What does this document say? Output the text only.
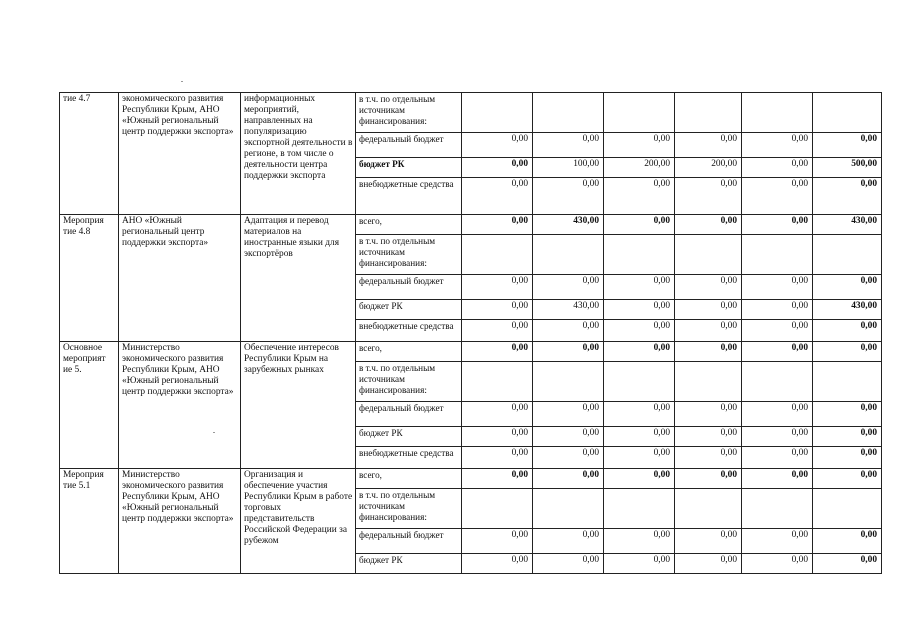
тие 4.7	экономического развития Республики Крым, АНО «Южный региональный центр поддержки экспорта»	информационных мероприятий, направленных на популяризацию экспортной деятельности в регионе, в том числе о деятельности центра поддержки экспорта	в т.ч. по отдельным источникам финансирования:						
			федеральный бюджет	0,00	0,00	0,00	0,00	0,00	0,00
			бюджет РК	0,00	100,00	200,00	200,00	0,00	500,00
			внебюджетные средства	0,00	0,00	0,00	0,00	0,00	0,00
Мероприя тие 4.8	АНО «Южный региональный центр поддержки экспорта»	Адаптация и перевод материалов на иностранные языки для экспортёров	всего,	0,00	430,00	0,00	0,00	0,00	430,00
			в т.ч. по отдельным источникам финансирования:						
			федеральный бюджет	0,00	0,00	0,00	0,00	0,00	0,00
			бюджет РК	0,00	430,00	0,00	0,00	0,00	430,00
			внебюджетные средства	0,00	0,00	0,00	0,00	0,00	0,00
Основное мероприят ие 5.	Министерство экономического развития Республики Крым, АНО «Южный региональный центр поддержки экспорта»	Обеспечение интересов Республики Крым на зарубежных рынках	всего,	0,00	0,00	0,00	0,00	0,00	0,00
			в т.ч. по отдельным источникам финансирования:						
			федеральный бюджет	0,00	0,00	0,00	0,00	0,00	0,00
			бюджет РК	0,00	0,00	0,00	0,00	0,00	0,00
			внебюджетные средства	0,00	0,00	0,00	0,00	0,00	0,00
Мероприя тие 5.1	Министерство экономического развития Республики Крым, АНО «Южный региональный центр поддержки экспорта»	Организация и обеспечение участия Республики Крым в работе торговых представительств Российской Федерации за рубежом	всего,	0,00	0,00	0,00	0,00	0,00	0,00
			в т.ч. по отдельным источникам финансирования:						
			федеральный бюджет	0,00	0,00	0,00	0,00	0,00	0,00
			бюджет РК	0,00	0,00	0,00	0,00	0,00	0,00
